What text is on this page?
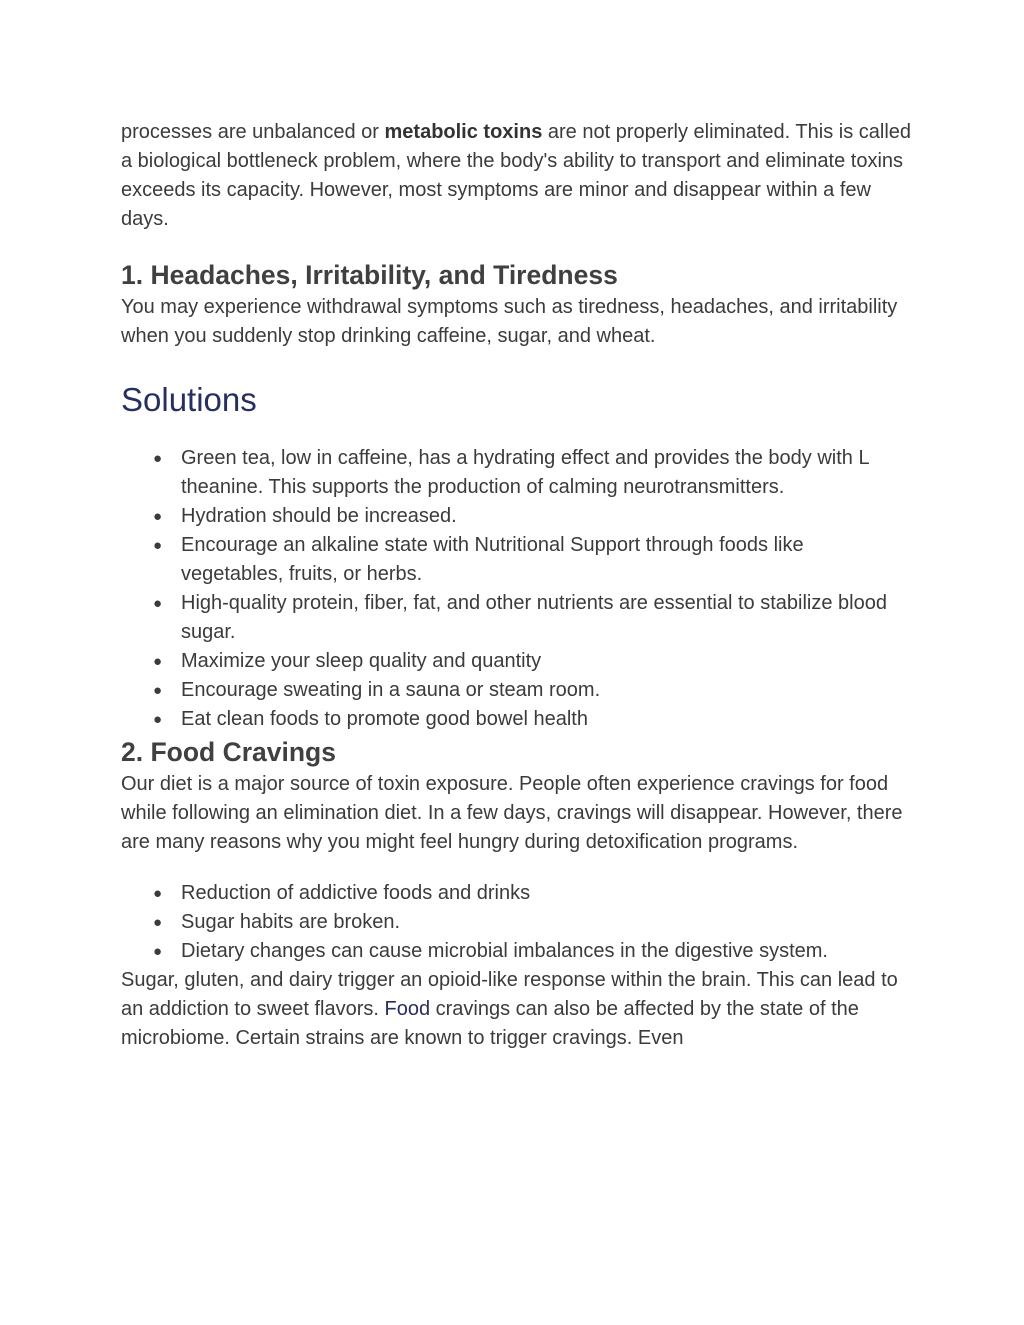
processes are unbalanced or metabolic toxins are not properly eliminated. This is called a biological bottleneck problem, where the body's ability to transport and eliminate toxins exceeds its capacity. However, most symptoms are minor and disappear within a few days.

1. Headaches, Irritability, and Tiredness

You may experience withdrawal symptoms such as tiredness, headaches, and irritability when you suddenly stop drinking caffeine, sugar, and wheat.

Solutions
● Green tea, low in caffeine, has a hydrating effect and provides the body with L theanine. This supports the production of calming neurotransmitters.
● Hydration should be increased.
● Encourage an alkaline state with Nutritional Support through foods like vegetables, fruits, or herbs.
● High-quality protein, fiber, fat, and other nutrients are essential to stabilize blood sugar.
● Maximize your sleep quality and quantity
● Encourage sweating in a sauna or steam room.
● Eat clean foods to promote good bowel health
2. Food Cravings

Our diet is a major source of toxin exposure. People often experience cravings for food while following an elimination diet. In a few days, cravings will disappear. However, there are many reasons why you might feel hungry during detoxification programs.

● Reduction of addictive foods and drinks
● Sugar habits are broken.
● Dietary changes can cause microbial imbalances in the digestive system.

Sugar, gluten, and dairy trigger an opioid-like response within the brain. This can lead to an addiction to sweet flavors. Food cravings can also be affected by the state of the microbiome. Certain strains are known to trigger cravings. Even
